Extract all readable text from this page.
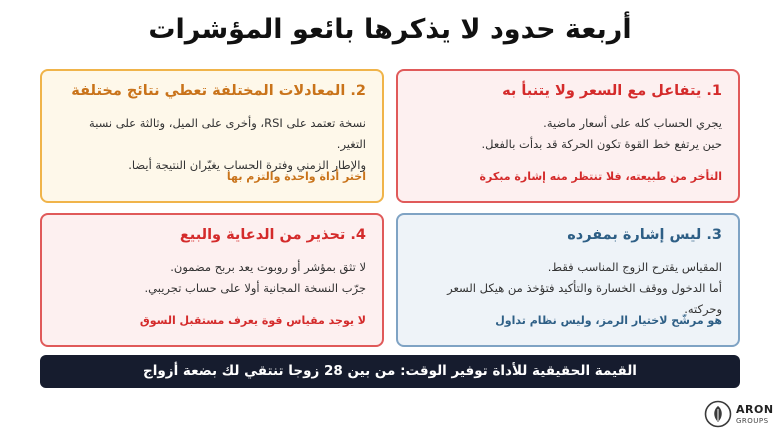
أربعة حدود لا يذكرها بائعو المؤشرات
1. يتفاعل مع السعر ولا يتنبأ به
يجري الحساب كله على أسعار ماضية.
حين يرتفع خط القوة تكون الحركة قد بدأت بالفعل.
التأخر من طبيعته، فلا تنتظر منه إشارة مبكرة
2. المعادلات المختلفة تعطي نتائج مختلفة
نسخة تعتمد على RSI، وأخرى على الميل، وثالثة على نسبة التغير.
والإطار الزمني وفترة الحساب يغيّران النتيجة أيضا.
اختر أداة واحدة والتزم بها
3. ليس إشارة بمفرده
المقياس يقترح الزوج المناسب فقط.
أما الدخول ووقف الخسارة والتأكيد فتؤخذ من هيكل السعر وحركته.
هو مرشّح لاختيار الرمز، وليس نظام تداول
4. تحذير من الدعاية والبيع
لا تثق بمؤشر أو روبوت يعد بربح مضمون.
جرّب النسخة المجانية أولا على حساب تجريبي.
لا يوجد مقياس قوة يعرف مستقبل السوق
القيمة الحقيقية للأداة توفير الوقت: من بين 28 زوجا تنتقي لك بضعة أزواج
ARON
GROUPS
